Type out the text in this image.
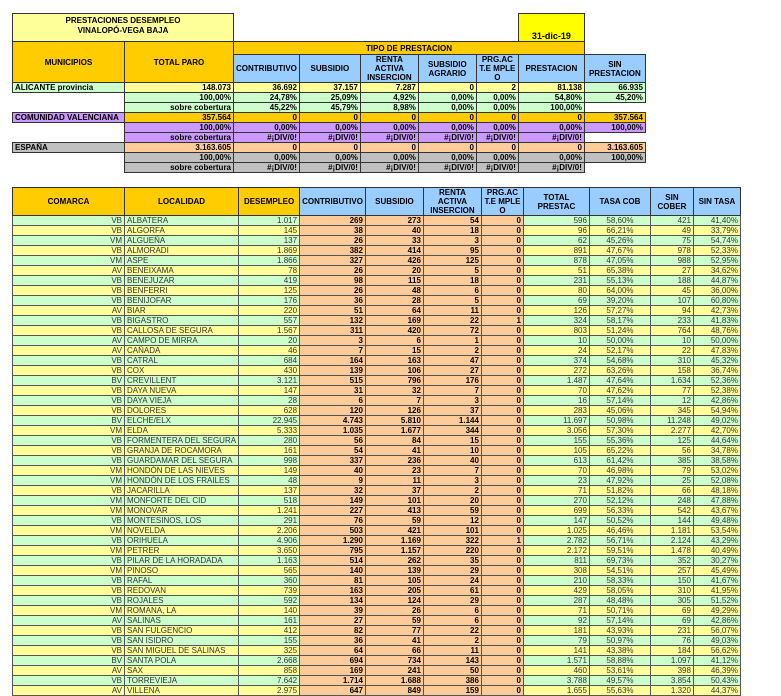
PRESTACIONES DESEMPLEO
VINALOPÓ-VEGA BAJA							31-dic-19	
MUNICIPIOS	TOTAL PARO	TIPO DE PRESTACION						
		CONTRIBUTIVO	SUBSIDIO	RENTA ACTIVA INSERCION	SUBSIDIO AGRARIO	PRG.ACT.E MPLEO	PRESTACION	SIN PRESTACION
ALICANTE provincia	148.073	36.692	37.157	7.287	0	2	81.138	66.935
	100,00%	24,78%	25,09%	4,92%	0,00%	0,00%	54,80%	45,20%
	sobre cobertura	45,22%	45,79%	8,98%	0,00%	0,00%	100,00%	
COMUNIDAD VALENCIANA	357.564	0	0	0	0	0	0	357.564
	100,00%	0,00%	0,00%	0,00%	0,00%	0,00%	0,00%	100,00%
	sobre cobertura	#¡DIV/0!	#¡DIV/0!	#¡DIV/0!	#¡DIV/0!	#¡DIV/0!	#¡DIV/0!	
ESPAÑA	3.163.605	0	0	0	0	0	0	3.163.605
	100,00%	0,00%	0,00%	0,00%	0,00%	0,00%	0,00%	100,00%
	sobre cobertura	#¡DIV/0!	#¡DIV/0!	#¡DIV/0!	#¡DIV/0!	#¡DIV/0!	#¡DIV/0!	
COMARCA	LOCALIDAD	DESEMPLEO	CONTRIBUTIVO	SUBSIDIO	RENTA ACTIVA INSERCION	PRG.ACT.E MPLEO	TOTAL PRESTAC	TASA COB	SIN COBER	SIN TASA
VB	ALBATERA	1.017	269	273	54	0	596	58,60%	421	41,40%
VB	ALGORFA	145	38	40	18	0	96	66,21%	49	33,79%
VM	ALGUEÑA	137	26	33	3	0	62	45,26%	75	54,74%
VB	ALMORADI	1.869	382	414	95	0	891	47,67%	978	52,33%
VM	ASPE	1.866	327	426	125	0	878	47,05%	988	52,95%
AV	BENEIXAMA	78	26	20	5	0	51	65,38%	27	34,62%
VB	BENEJUZAR	419	98	115	18	0	231	55,13%	188	44,87%
VB	BENFERRI	125	26	48	6	0	80	64,00%	45	36,00%
VB	BENIJOFAR	176	36	28	5	0	69	39,20%	107	60,80%
AV	BIAR	220	51	64	11	0	126	57,27%	94	42,73%
VB	BIGASTRO	557	132	169	22	1	324	58,17%	233	41,83%
VB	CALLOSA DE SEGURA	1.567	311	420	72	0	803	51,24%	764	48,76%
AV	CAMPO DE MIRRA	20	3	6	1	0	10	50,00%	10	50,00%
AV	CAÑADA	46	7	15	2	0	24	52,17%	22	47,83%
VB	CATRAL	684	164	163	47	0	374	54,68%	310	45,32%
VB	COX	430	139	106	27	0	272	63,26%	158	36,74%
BV	CREVILLENT	3.121	515	796	176	0	1.487	47,64%	1.634	52,36%
VB	DAYA NUEVA	147	31	32	7	0	70	47,62%	77	52,38%
VB	DAYA VIEJA	28	6	7	3	0	16	57,14%	12	42,86%
VB	DOLORES	628	120	126	37	0	283	45,06%	345	54,94%
BV	ELCHE/ELX	22.945	4.743	5.810	1.144	0	11.697	50,98%	11.248	49,02%
VM	ELDA	5.333	1.035	1.677	344	0	3.056	57,30%	2.277	42,70%
VB	FORMENTERA DEL SEGURA	280	56	84	15	0	155	55,36%	125	44,64%
VB	GRANJA DE ROCAMORA	161	54	41	10	0	105	65,22%	56	34,78%
VB	GUARDAMAR DEL SEGURA	998	337	236	40	0	613	61,42%	385	38,58%
VM	HONDÓN DE LAS NIEVES	149	40	23	7	0	70	46,98%	79	53,02%
VM	HONDÓN DE LOS FRAILES	48	9	11	3	0	23	47,92%	25	52,08%
VB	JACARILLA	137	32	37	2	0	71	51,82%	66	48,18%
VM	MONFORTE DEL CID	518	149	101	20	0	270	52,12%	248	47,88%
VM	MONOVAR	1.241	227	413	59	0	699	56,33%	542	43,67%
VB	MONTESINOS, LOS	291	76	59	12	0	147	50,52%	144	49,48%
VM	NOVELDA	2.206	503	421	101	0	1.025	46,46%	1.181	53,54%
VB	ORIHUELA	4.906	1.290	1.169	322	1	2.782	56,71%	2.124	43,29%
VM	PETRER	3.650	795	1.157	220	0	2.172	59,51%	1.478	40,49%
VB	PILAR DE LA HORADADA	1.163	514	262	35	0	811	69,73%	352	30,27%
VM	PINOSO	565	140	139	29	0	308	54,51%	257	45,49%
VB	RAFAL	360	81	105	24	0	210	58,33%	150	41,67%
VB	REDOVAN	739	163	205	61	0	429	58,05%	310	41,95%
VB	ROJALES	592	134	124	29	0	287	48,48%	305	51,52%
VM	ROMANA, LA	140	39	26	6	0	71	50,71%	69	49,29%
AV	SALINAS	161	27	59	6	0	92	57,14%	69	42,86%
VB	SAN FULGENCIO	412	82	77	22	0	181	43,93%	231	56,07%
VB	SAN ISIDRO	155	36	41	2	0	79	50,97%	76	49,03%
VB	SAN MIGUEL DE SALINAS	325	64	66	11	0	141	43,38%	184	56,62%
BV	SANTA POLA	2.668	694	734	143	0	1.571	58,88%	1.097	41,12%
AV	SAX	858	169	241	50	0	460	53,61%	398	46,39%
VB	TORREVIEJA	7.642	1.714	1.688	386	0	3.788	49,57%	3.854	50,43%
AV	VILLENA	2.975	647	849	159	0	1.655	55,63%	1.320	44,37%
